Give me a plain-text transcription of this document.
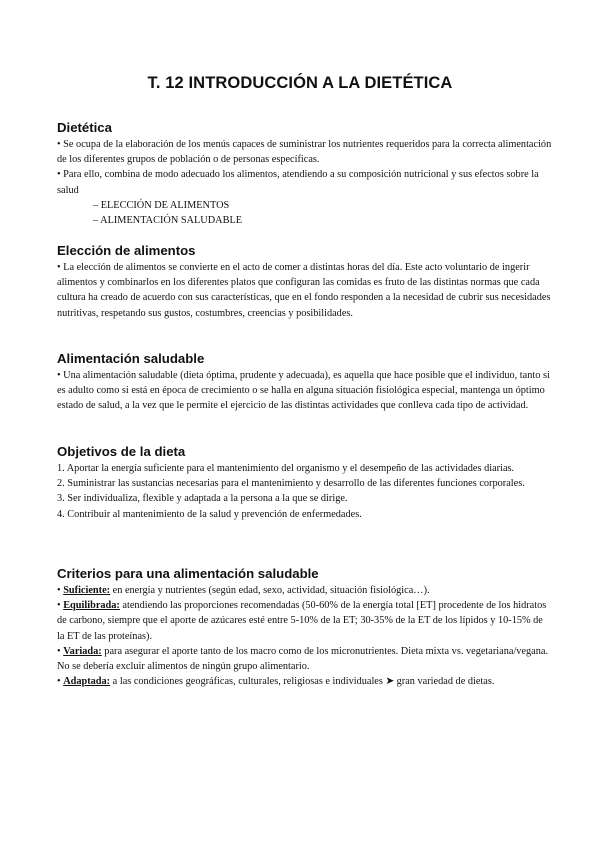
T. 12 INTRODUCCIÓN A LA DIETÉTICA
Dietética

• Se ocupa de la elaboración de los menús capaces de suministrar los nutrientes requeridos para la correcta alimentación de los diferentes grupos de población o de personas específicas.

• Para ello, combina de modo adecuado los alimentos, atendiendo a su composición nutricional y sus efectos sobre la salud

– ELECCIÓN DE ALIMENTOS

– ALIMENTACIÓN SALUDABLE

Elección de alimentos

• La elección de alimentos se convierte en el acto de comer a distintas horas del día. Este acto voluntario de ingerir alimentos y combinarlos en los diferentes platos que configuran las comidas es fruto de las distintas normas que cada cultura ha creado de acuerdo con sus características, que en el fondo responden a la necesidad de cubrir sus necesidades nutritivas, respetando sus gustos, costumbres, creencias y posibilidades.

Alimentación saludable

• Una alimentación saludable (dieta óptima, prudente y adecuada), es aquella que hace posible que el individuo, tanto si es adulto como si está en época de crecimiento o se halla en alguna situación fisiológica especial, mantenga un óptimo estado de salud, a la vez que le permite el ejercicio de las distintas actividades que conlleva cada tipo de actividad.

Objetivos de la dieta

1. Aportar la energía suficiente para el mantenimiento del organismo y el desempeño de las actividades diarias.

2. Suministrar las sustancias necesarias para el mantenimiento y desarrollo de las diferentes funciones corporales.

3. Ser individualiza, flexible y adaptada a la persona a la que se dirige.

4. Contribuir al mantenimiento de la salud y prevención de enfermedades.

Criterios para una alimentación saludable

• Suficiente: en energía y nutrientes (según edad, sexo, actividad, situación fisiológica…).

• Equilibrada: atendiendo las proporciones recomendadas (50-60% de la energía total [ET] procedente de los hidratos de carbono, siempre que el aporte de azúcares esté entre 5-10% de la ET; 30-35% de la ET de los lípidos y 10-15% de la ET de las proteínas).

• Variada: para asegurar el aporte tanto de los macro como de los micronutrientes. Dieta mixta vs. vegetariana/vegana. No se debería excluir alimentos de ningún grupo alimentario.

• Adaptada: a las condiciones geográficas, culturales, religiosas e individuales ➤ gran variedad de dietas.
